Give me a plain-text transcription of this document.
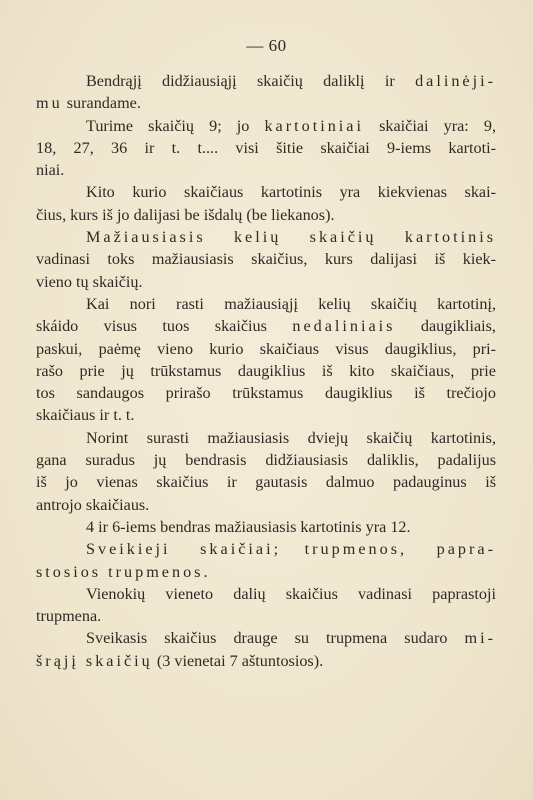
— 60
Bendrąjį didžiausiąjį skaičių daliklį ir dalinėji-
mu surandame.
Turime skaičių 9; jo kartotiniai skaičiai yra: 9,
18, 27, 36 ir t. t.... visi šitie skaičiai 9-iems kartoti-
niai.
Kito kurio skaičiaus kartotinis yra kiekvienas skai-
čius, kurs iš jo dalijasi be išdalų (be liekanos).
Mažiausiasis kelių skaičių kartotinis
vadinasi toks mažiausiasis skaičius, kurs dalijasi iš kiek-
vieno tų skaičių.
Kai nori rasti mažiausiąjį kelių skaičių kartotinį,
skáido visus tuos skaičius nedaliniais daugikliais,
paskui, paėmę vieno kurio skaičiaus visus daugiklius, pri-
rašo prie jų trūkstamus daugiklius iš kito skaičiaus, prie
tos sandaugos prirašo trūkstamus daugiklius iš trečiojo
skaičiaus ir t. t.
Norint surasti mažiausiasis dviejų skaičių kartotinis,
gana suradus jų bendrasis didžiausiasis daliklis, padalijus
iš jo vienas skaičius ir gautasis dalmuo padauginus iš
antrojo skaičiaus.
4 ir 6-iems bendras mažiausiasis kartotinis yra 12.
Sveikieji skaičiai; trupmenos, papra-
stosios trupmenos.
Vienokių vieneto dalių skaičius vadinasi paprastoji
trupmena.
Sveikasis skaičius drauge su trupmena sudaro mi-
šrąjį skaičių (3 vienetai 7 aštuntosios).
